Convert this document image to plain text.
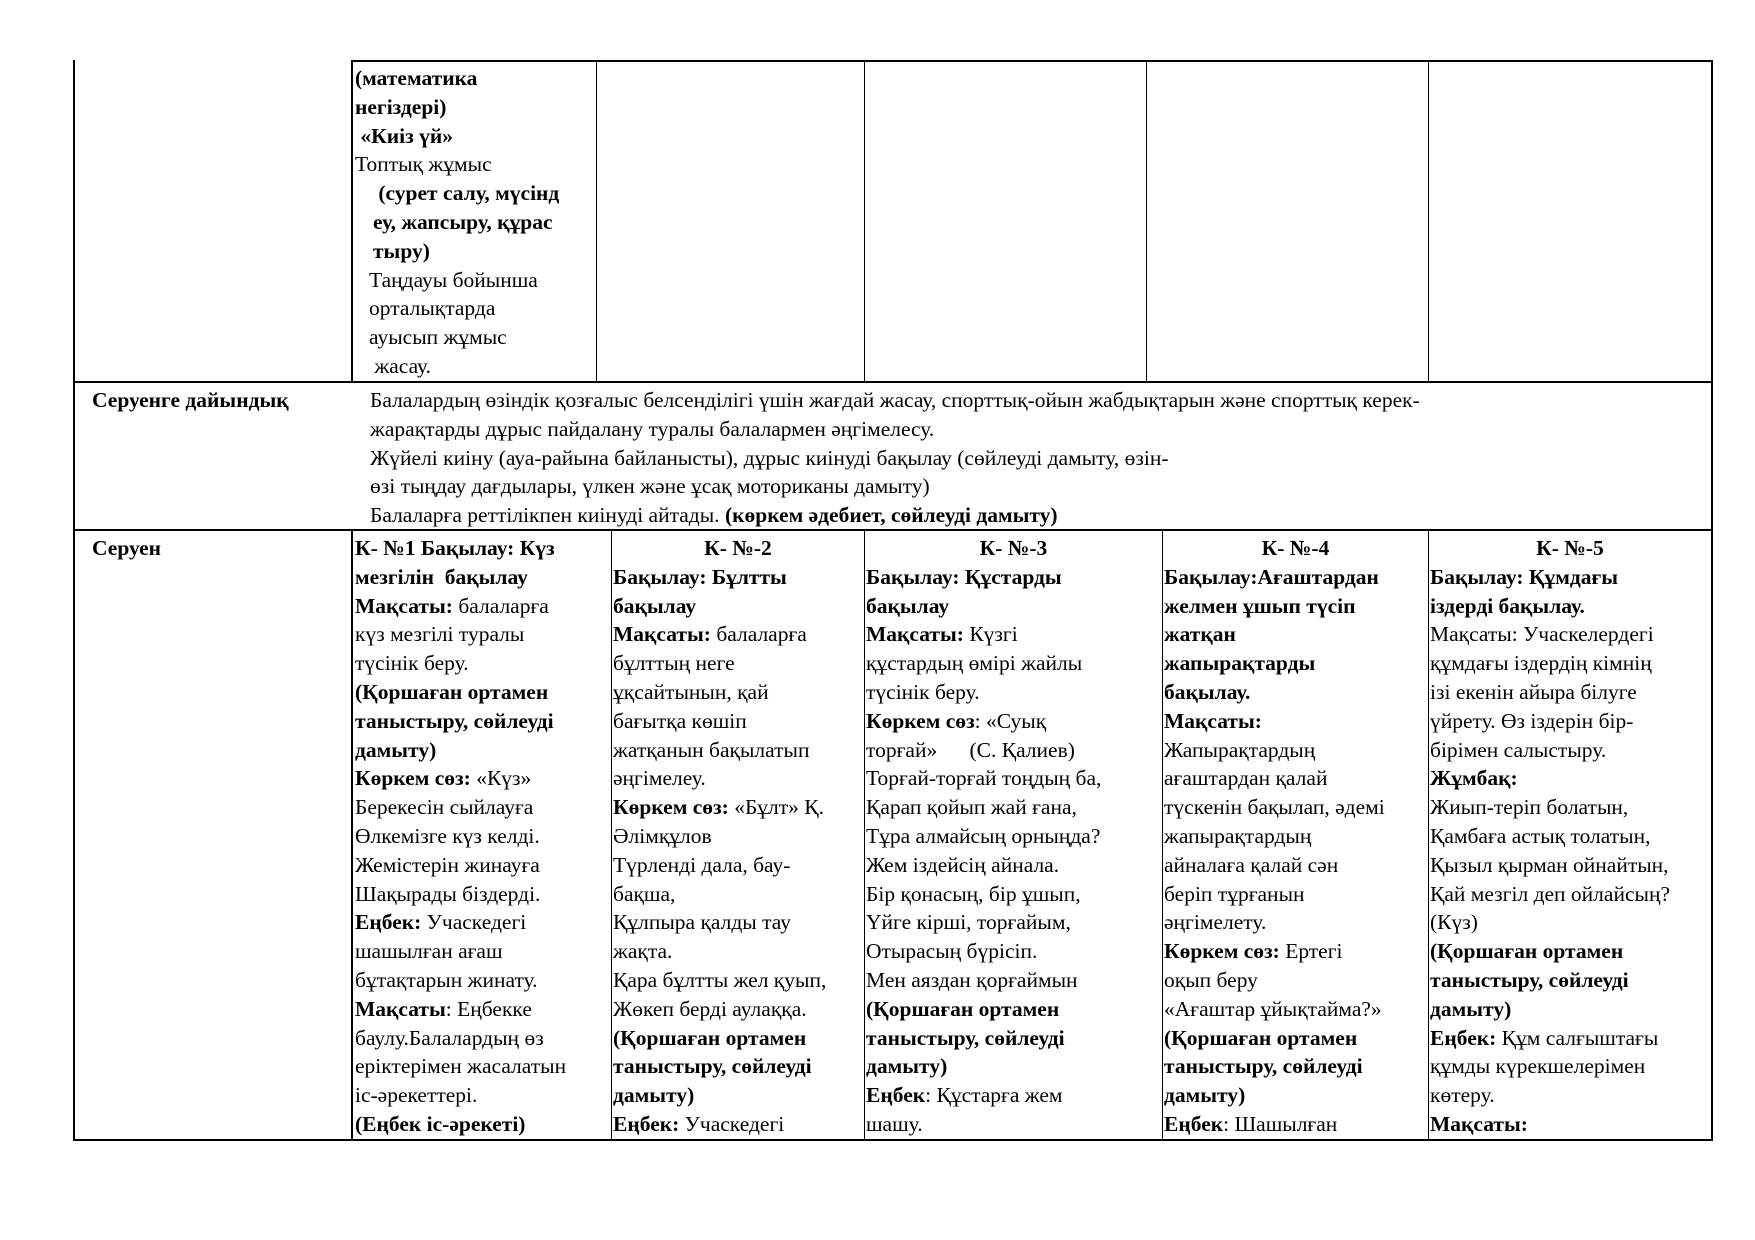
(математика
негіздері)
«Киіз үй»
Топтық жұмыс
(сурет салу, мүсінд
еу, жапсыру, құрас
тыру)
Таңдауы бойынша
орталықтарда
ауысып жұмыс
жасау.
Серуенге дайындық	Балалардың өзіндік қозғалыс белсенділігі үшін жағдай жасау, спорттық-ойын жабдықтарын және спорттық керек-
жарақтарды дұрыс пайдалану туралы балалармен әңгімелесу.
Жүйелі киіну (ауа-райына байланысты), дұрыс киінуді бақылау (сөйлеуді дамыту, өзін-
өзі тыңдау дағдылары, үлкен және ұсақ моториканы дамыту)
Балаларға реттілікпен киінуді айтады. (көркем әдебиет, сөйлеуді дамыту)
Серуен	К- №1 Бақылау: Күз
мезгілін  бақылау
Мақсаты: балаларға
күз мезгілі туралы
түсінік беру.
(Қоршаған ортамен
таныстыру, сөйлеуді
дамыту)
Көркем сөз: «Күз»
Берекесін сыйлауға
Өлкемізге күз келді.
Жемістерін жинауға
Шақырады біздерді.
Еңбек: Учаскедегі
шашылған ағаш
бұтақтарын жинату.
Мақсаты: Еңбекке
баулу.Балалардың өз
еріктерімен жасалатын
іс-әрекеттері.
(Еңбек іс-әрекеті)
К- №-2
Бақылау: Бұлтты
бақылау
Мақсаты: балаларға
бұлттың неге
ұқсайтынын, қай
бағытқа көшіп
жатқанын бақылатып
әңгімелеу.
Көркем сөз: «Бұлт» Қ.
Әлімқұлов
Түрленді дала, бау-
бақша,
Құлпыра қалды тау
жақта.
Қара бұлтты жел қуып,
Жөкеп берді аулаққа.
(Қоршаған ортамен
таныстыру, сөйлеуді
дамыту)
Еңбек: Учаскедегі
К- №-3
Бақылау: Құстарды
бақылау
Мақсаты: Күзгі
құстардың өмірі жайлы
түсінік беру.
Көркем сөз: «Суық
торғай»      (С. Қалиев)
Торғай-торғай тоңдың ба,
Қарап қойып жай ғана,
Тұра алмайсың орныңда?
Жем іздейсің айнала.
Бір қонасың, бір ұшып,
Үйге кірші, торғайым,
Отырасың бүрісіп.
Мен аяздан қорғаймын
(Қоршаған ортамен
таныстыру, сөйлеуді
дамыту)
Еңбек: Құстарға жем
шашу.
К- №-4
Бақылау:Ағаштардан
желмен ұшып түсіп
жатқан
жапырақтарды
бақылау.
Мақсаты:
Жапырақтардың
ағаштардан қалай
түскенін бақылап, әдемі
жапырақтардың
айналаға қалай сән
беріп тұрғанын
әңгімелету.
Көркем сөз: Ертегі
оқып беру
«Ағаштар ұйықтайма?»
(Қоршаған ортамен
таныстыру, сөйлеуді
дамыту)
Еңбек: Шашылған
К- №-5
Бақылау: Құмдағы
іздерді бақылау.
Мақсаты: Учаскелердегі
құмдағы іздердің кімнің
ізі екенін айыра білуге
үйрету. Өз іздерін бір-
бірімен салыстыру.
Жұмбақ:
Жиып-теріп болатын,
Қамбаға астық толатын,
Қызыл қырман ойнайтын,
Қай мезгіл деп ойлайсың?
(Күз)
(Қоршаған ортамен
таныстыру, сөйлеуді
дамыту)
Еңбек: Құм салғыштағы
құмды күрекшелерімен
көтеру.
Мақсаты:
